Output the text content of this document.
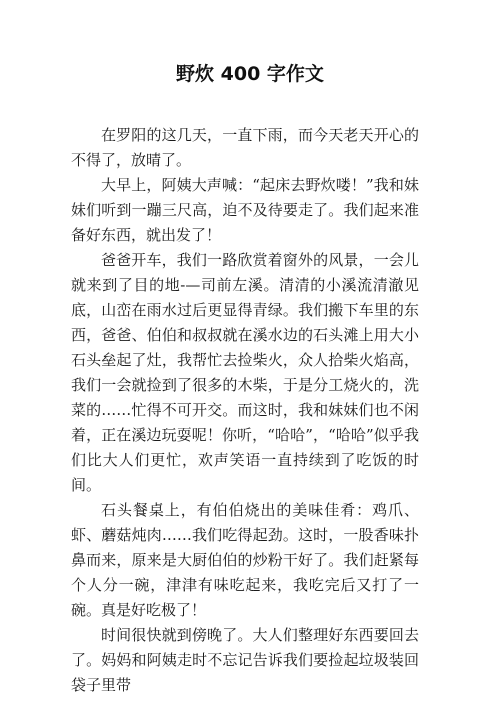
野炊 400 字作文

在罗阳的这几天，一直下雨，而今天老天开心的不得了，放晴了。

大早上，阿姨大声喊：“起床去野炊喽！”我和妹妹们听到一蹦三尺高，迫不及待要走了。我们起来准备好东西，就出发了！

爸爸开车，我们一路欣赏着窗外的风景，一会儿就来到了目的地-—司前左溪。清清的小溪流清澈见底，山峦在雨水过后更显得青绿。我们搬下车里的东西，爸爸、伯伯和叔叔就在溪水边的石头滩上用大小石头垒起了灶，我帮忙去捡柴火，众人拾柴火焰高，我们一会就捡到了很多的木柴，于是分工烧火的，洗菜的……忙得不可开交。而这时，我和妹妹们也不闲着，正在溪边玩耍呢！你听，“哈哈”，“哈哈”似乎我们比大人们更忙，欢声笑语一直持续到了吃饭的时间。

石头餐桌上，有伯伯烧出的美味佳肴：鸡爪、虾、蘑菇炖肉……我们吃得起劲。这时，一股香味扑鼻而来，原来是大厨伯伯的炒粉干好了。我们赶紧每个人分一碗，津津有味吃起来，我吃完后又打了一碗。真是好吃极了！

时间很快就到傍晚了。大人们整理好东西要回去了。妈妈和阿姨走时不忘记告诉我们要捡起垃圾装回袋子里带
